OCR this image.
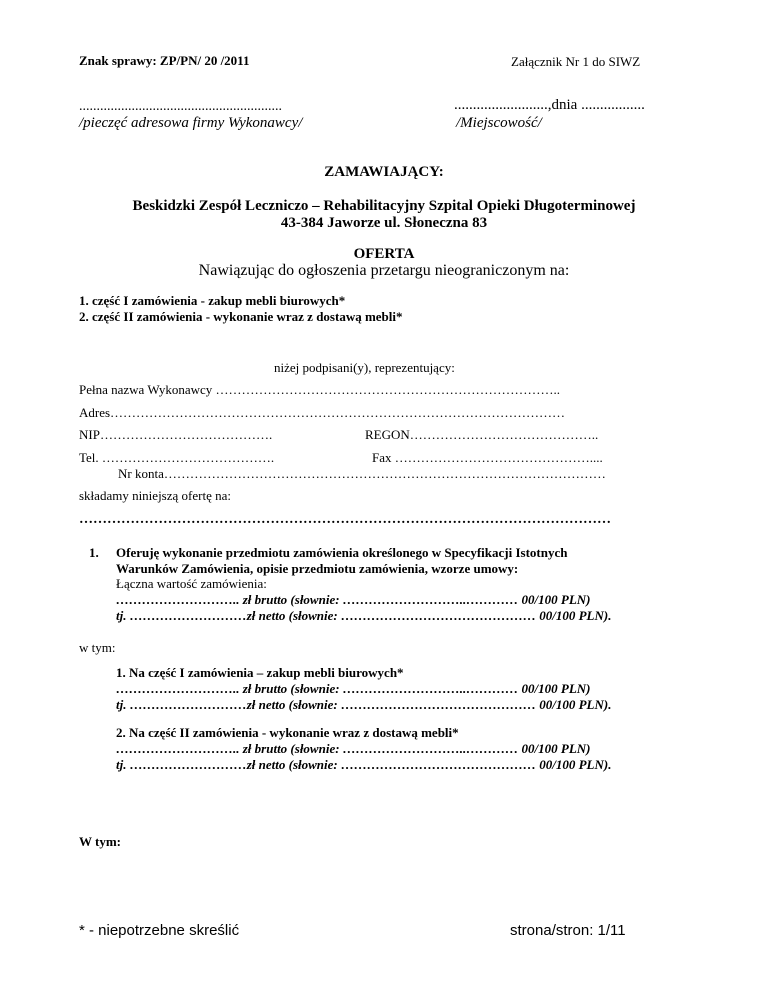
Znak sprawy: ZP/PN/ 20 /2011	Załącznik Nr 1 do SIWZ
..........................................................
/pieczęć adresowa firmy Wykonawcy/
.........................,dnia .................
/Miejscowość/
ZAMAWIAJĄCY:
Beskidzki Zespół Leczniczo – Rehabilitacyjny Szpital Opieki Długoterminowej
43-384 Jaworze ul. Słoneczna 83
OFERTA
Nawiązując do ogłoszenia przetargu nieograniczonym na:
1. część I zamówienia - zakup mebli biurowych*
2. część II zamówienia - wykonanie wraz z dostawą mebli*
niżej podpisani(y), reprezentujący:
Pełna nazwa Wykonawcy ……………………………………………………………………..
Adres……………………………………………………………………………………………
NIP………………………………….	REGON……………………………………..
Tel. ………………………………….	Fax ………………………………………....
Nr konta…………………………………………………………………………………………
składamy niniejszą ofertę na:
……………………………………………………………………………………………………
1. Oferuję wykonanie przedmiotu zamówienia określonego w Specyfikacji Istotnych
Warunków Zamówienia, opisie przedmiotu zamówienia, wzorze umowy:
Łączna wartość zamówienia:
……………………….. zł brutto (słownie: ………………………..………… 00/100 PLN)
tj. ………………………zł netto (słownie: ……………………………………… 00/100 PLN).
w tym:
1. Na część I zamówienia – zakup mebli biurowych*
……………………….. zł brutto (słownie: ………………………..………… 00/100 PLN)
tj. ………………………zł netto (słownie: ……………………………………… 00/100 PLN).
2. Na część II zamówienia - wykonanie wraz z dostawą mebli*
……………………….. zł brutto (słownie: ………………………..………… 00/100 PLN)
tj. ………………………zł netto (słownie: ……………………………………… 00/100 PLN).
W tym:
* - niepotrzebne skreślić	strona/stron: 1/11
